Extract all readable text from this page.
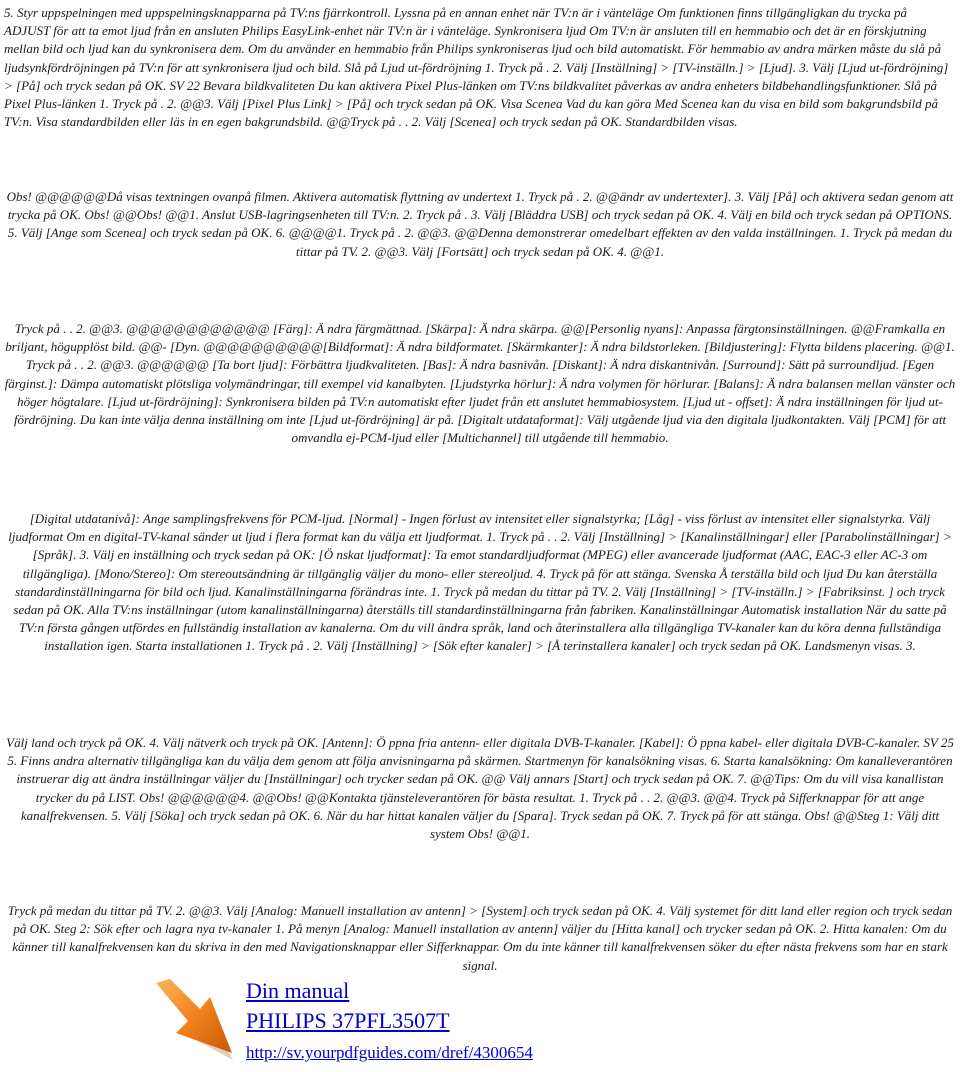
5. Styr uppspelningen med uppspelningsknapparna på TV:ns fjärrkontroll. Lyssna på en annan enhet när TV:n är i vänteläge Om funktionen finns tillgängligkan du trycka på ADJUST för att ta emot ljud från en ansluten Philips EasyLink-enhet när TV:n är i vänteläge. Synkronisera ljud Om TV:n är ansluten till en hemmabio och det är en förskjutning mellan bild och ljud kan du synkronisera dem. Om du använder en hemmabio från Philips synkroniseras ljud och bild automatiskt. För hemmabio av andra märken måste du slå på ljudsynkfördröjningen på TV:n för att synkronisera ljud och bild. Slå på Ljud ut-fördröjning 1. Tryck på . 2. Välj [Inställning] > [TV-inställn.] > [Ljud]. 3. Välj [Ljud ut-fördröjning] > [På] och tryck sedan på OK. SV 22 Bevara bildkvaliteten Du kan aktivera Pixel Plus-länken om TV:ns bildkvalitet påverkas av andra enheters bildbehandlingsfunktioner. Slå på Pixel Plus-länken 1. Tryck på . 2. @@3. Välj [Pixel Plus Link] > [På] och tryck sedan på OK. Visa Scenea Vad du kan göra Med Scenea kan du visa en bild som bakgrundsbild på TV:n. Visa standardbilden eller läs in en egen bakgrundsbild. @@Tryck på . . 2. Välj [Scenea] och tryck sedan på OK. Standardbilden visas.

Obs! @@@@@@Då visas textningen ovanpå filmen. Aktivera automatisk flyttning av undertext 1. Tryck på . 2. @@ändr av undertexter]. 3. Välj [På] och aktivera sedan genom att trycka på OK. Obs! @@Obs! @@1. Anslut USB-lagringsenheten till TV:n. 2. Tryck på . 3. Välj [Bläddra USB] och tryck sedan på OK. 4. Välj en bild och tryck sedan på OPTIONS. 5. Välj [Ange som Scenea] och tryck sedan på OK. 6. @@@@1. Tryck på . 2. @@3. @@Denna demonstrerar omedelbart effekten av den valda inställningen. 1. Tryck på medan du tittar på TV. 2. @@3. Välj [Fortsätt] och tryck sedan på OK. 4. @@1.

Tryck på . . 2. @@3. @@@@@@@@@@@@ [Färg]: Ä ndra färgmättnad. [Skärpa]: Ä ndra skärpa. @@[Personlig nyans]: Anpassa färgtonsinställningen. @@Framkalla en briljant, högupplöst bild. @@- [Dyn. @@@@@@@@@@[Bildformat]: Ä ndra bildformatet. [Skärmkanter]: Ä ndra bildstorleken. [Bildjustering]: Flytta bildens placering. @@1. Tryck på . . 2. @@3. @@@@@@ [Ta bort ljud]: Förbättra ljudkvaliteten. [Bas]: Ä ndra basnivån. [Diskant]: Ä ndra diskantnivån. [Surround]: Sätt på surroundljud. [Egen färginst.]: Dämpa automatiskt plötsliga volymändringar, till exempel vid kanalbyten. [Ljudstyrka hörlur]: Ä ndra volymen för hörlurar. [Balans]: Ä ndra balansen mellan vänster och höger högtalare. [Ljud ut-fördröjning]: Synkronisera bilden på TV:n automatiskt efter ljudet från ett anslutet hemmabiosystem. [Ljud ut - offset]: Ä ndra inställningen för ljud ut-fördröjning. Du kan inte välja denna inställning om inte [Ljud ut-fördröjning] är på. [Digitalt utdataformat]: Välj utgående ljud via den digitala ljudkontakten. Välj [PCM] för att omvandla ej-PCM-ljud eller [Multichannel] till utgående till hemmabio.

[Digital utdatanivå]: Ange samplingsfrekvens för PCM-ljud. [Normal] - Ingen förlust av intensitet eller signalstyrka; [Låg] - viss förlust av intensitet eller signalstyrka. Välj ljudformat Om en digital-TV-kanal sänder ut ljud i flera format kan du välja ett ljudformat. 1. Tryck på . . 2. Välj [Inställning] > [Kanalinställningar] eller [Parabolinställningar] > [Språk]. 3. Välj en inställning och tryck sedan på OK: [Ö nskat ljudformat]: Ta emot standardljudformat (MPEG) eller avancerade ljudformat (AAC, EAC-3 eller AC-3 om tillgängliga). [Mono/Stereo]: Om stereoutsändning är tillgänglig väljer du mono- eller stereoljud. 4. Tryck på för att stänga. Svenska Å terställa bild och ljud Du kan återställa standardinställningarna för bild och ljud. Kanalinställningarna förändras inte. 1. Tryck på medan du tittar på TV. 2. Välj [Inställning] > [TV-inställn.] > [Fabriksinst. ] och tryck sedan på OK. Alla TV:ns inställningar (utom kanalinställningarna) återställs till standardinställningarna från fabriken. Kanalinställningar Automatisk installation När du satte på TV:n första gången utfördes en fullständig installation av kanalerna. Om du vill ändra språk, land och återinstallera alla tillgängliga TV-kanaler kan du köra denna fullständiga installation igen. Starta installationen 1. Tryck på . 2. Välj [Inställning] > [Sök efter kanaler] > [Å terinstallera kanaler] och tryck sedan på OK. Landsmenyn visas. 3.

Välj land och tryck på OK. 4. Välj nätverk och tryck på OK. [Antenn]: Ö ppna fria antenn- eller digitala DVB-T-kanaler. [Kabel]: Ö ppna kabel- eller digitala DVB-C-kanaler. SV 25 5. Finns andra alternativ tillgängliga kan du välja dem genom att följa anvisningarna på skärmen. Startmenyn för kanalsökning visas. 6. Starta kanalsökning: Om kanalleverantören instruerar dig att ändra inställningar väljer du [Inställningar] och trycker sedan på OK. @@ Välj annars [Start] och tryck sedan på OK. 7. @@Tips: Om du vill visa kanallistan trycker du på LIST. Obs! @@@@@@4. @@Obs! @@Kontakta tjänsteleverantören för bästa resultat. 1. Tryck på . . 2. @@3. @@4. Tryck på Sifferknappar för att ange kanalfrekvensen. 5. Välj [Söka] och tryck sedan på OK. 6. När du har hittat kanalen väljer du [Spara]. Tryck sedan på OK. 7. Tryck på för att stänga. Obs! @@Steg 1: Välj ditt system Obs! @@1.

Tryck på medan du tittar på TV. 2. @@3. Välj [Analog: Manuell installation av antenn] > [System] och tryck sedan på OK. 4. Välj systemet för ditt land eller region och tryck sedan på OK. Steg 2: Sök efter och lagra nya tv-kanaler 1. På menyn [Analog: Manuell installation av antenn] väljer du [Hitta kanal] och trycker sedan på OK. 2. Hitta kanalen: Om du känner till kanalfrekvensen kan du skriva in den med Navigationsknappar eller Sifferknappar. Om du inte känner till kanalfrekvensen söker du efter nästa frekvens som har en stark signal.

Din manual
PHILIPS 37PFL3507T
http://sv.yourpdfguides.com/dref/4300654
